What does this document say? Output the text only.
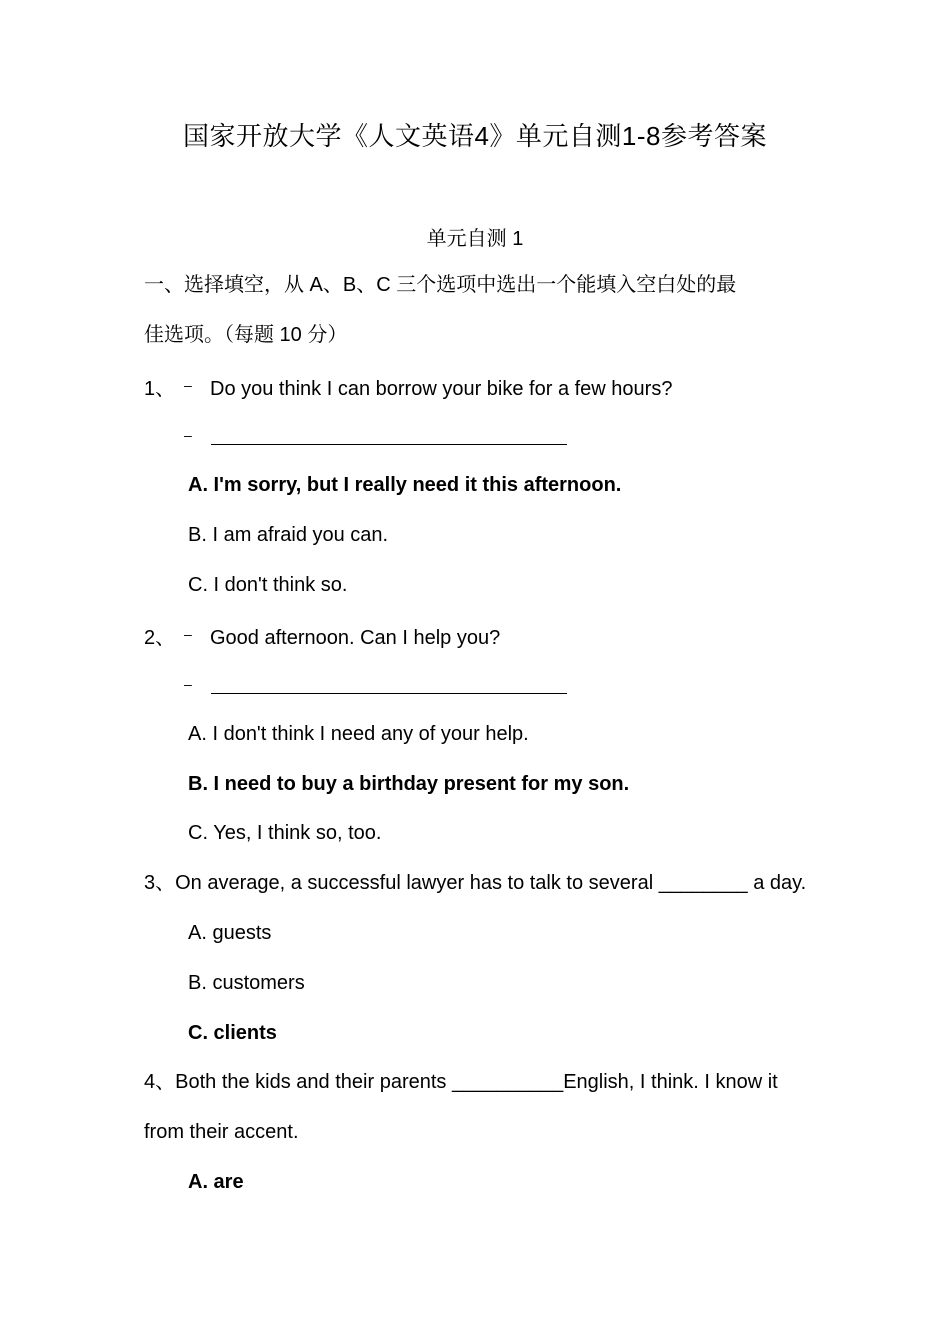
国家开放大学《人文英语4》单元自测1-8参考答案
单元自测 1
一、选择填空，从 A、B、C 三个选项中选出一个能填入空白处的最
佳选项。（每题 10 分）
1、 – Do you think I can borrow your bike for a few hours?
–
A. I'm sorry, but I really need it this afternoon.
B. I am afraid you can.
C. I don't think so.
2、 – Good afternoon. Can I help you?
–
A. I don't think I need any of your help.
B. I need to buy a birthday present for my son.
C. Yes, I think so, too.
3、On average, a successful lawyer has to talk to several ________ a day.
A. guests
B. customers
C. clients
4、Both the kids and their parents __________English, I think. I know it
from their accent.
A. are
